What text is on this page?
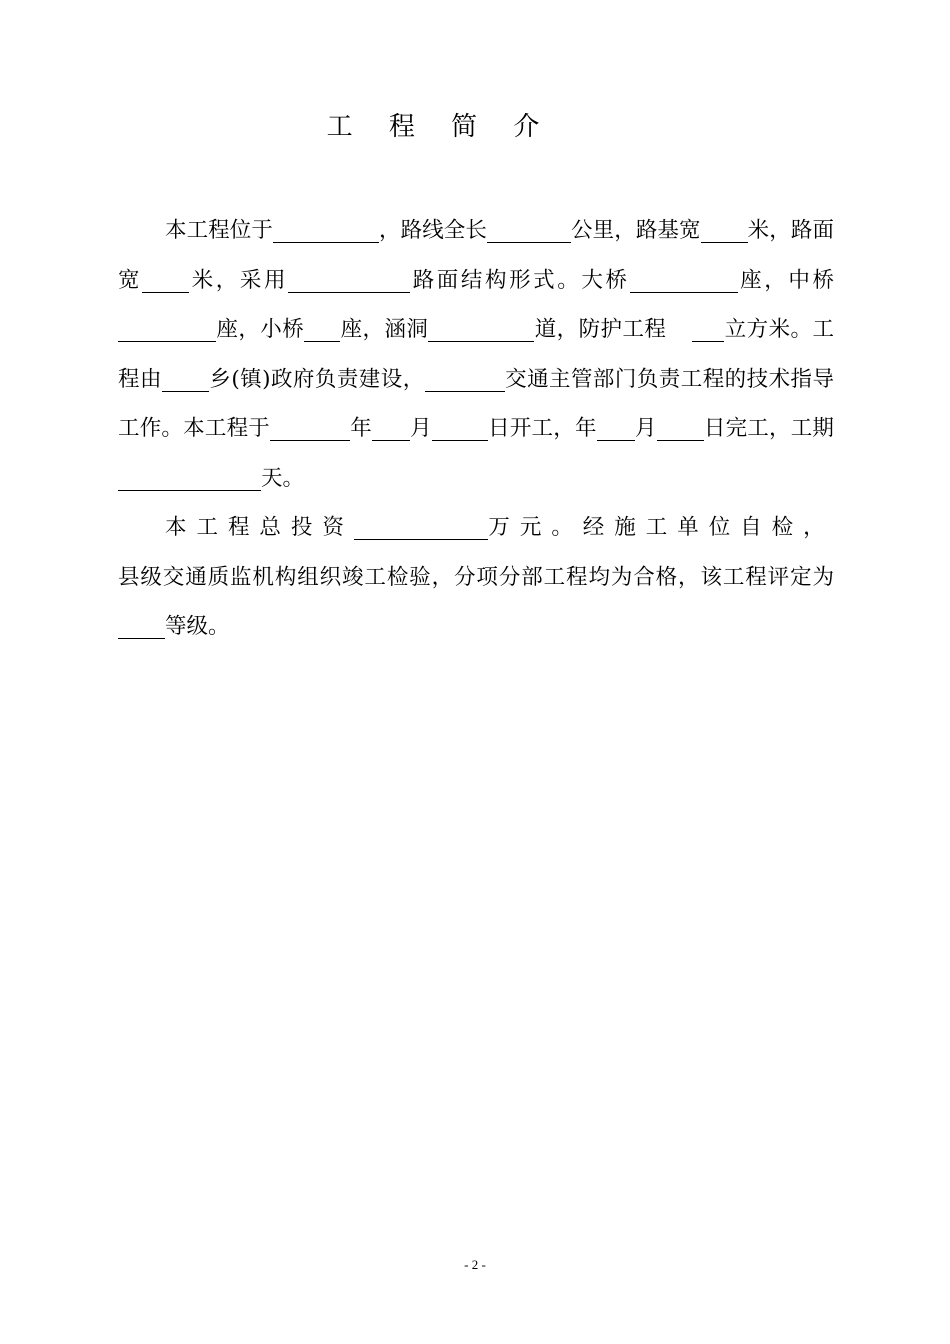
工 程 简 介

本工程位于	，路线全长	公里，路基宽 米，路面宽 米，采用	路面结构形式。大桥	座，中桥座，小桥 座，涵洞	道，防护工程	立方米。工程由 乡(镇)政府负责建设，	交通主管部门负责工程的技术指导工作。本工程于	年 月	日开工，年 月 日完工，工期天。

本工程总投资	万元。经施工单位自检，县级交通质监机构组织竣工检验，分项分部工程均为合格，该工程评定为等级。

- 2 -
